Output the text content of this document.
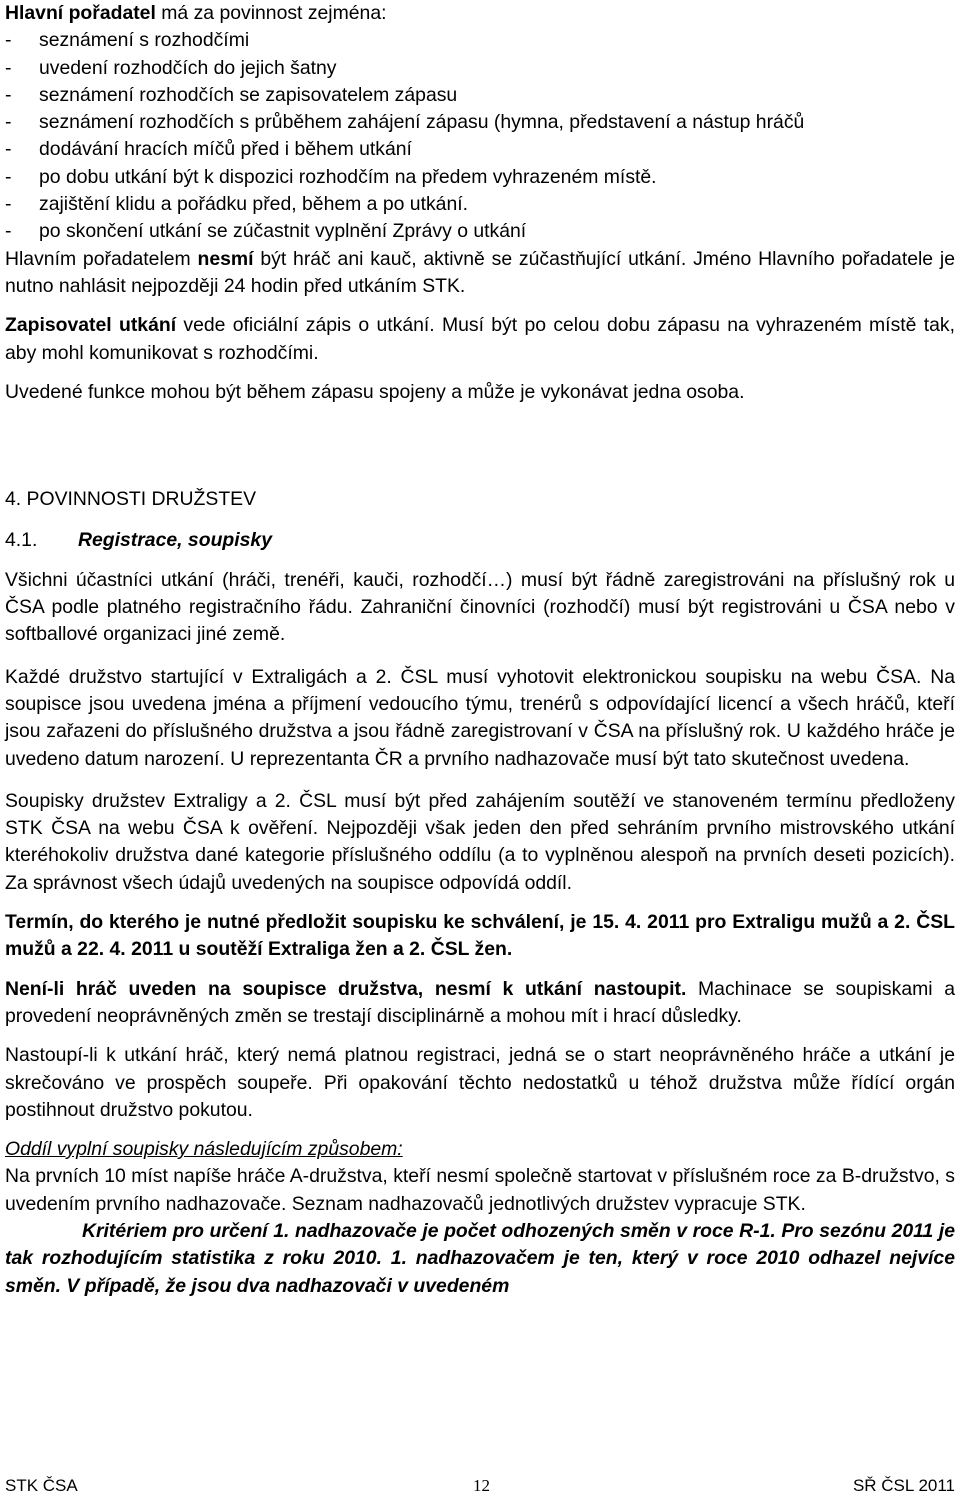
Hlavní pořadatel má za povinnost zejména:

- seznámení s rozhodčími

- uvedení rozhodčích do jejich šatny

- seznámení rozhodčích se zapisovatelem zápasu

- seznámení rozhodčích s průběhem zahájení zápasu (hymna, představení a nástup hráčů

- dodávání hracích míčů před i během utkání

- po dobu utkání být k dispozici rozhodčím na předem vyhrazeném místě.

- zajištění klidu a pořádku před, během a po utkání.

- po skončení utkání se zúčastnit vyplnění Zprávy o utkání

Hlavním pořadatelem nesmí být hráč ani kauč, aktivně se zúčastňující utkání. Jméno Hlavního pořadatele je nutno nahlásit nejpozději 24 hodin před utkáním STK.

Zapisovatel utkání vede oficiální zápis o utkání. Musí být po celou dobu zápasu na vyhrazeném místě tak, aby mohl komunikovat s rozhodčími.

Uvedené funkce mohou být během zápasu spojeny a může je vykonávat jedna osoba.

4. POVINNOSTI DRUŽSTEV

4.1. Registrace, soupisky

Všichni účastníci utkání (hráči, trenéři, kauči, rozhodčí…) musí být řádně zaregistrováni na příslušný rok u ČSA podle platného registračního řádu. Zahraniční činovníci (rozhodčí) musí být registrováni u ČSA nebo v softballové organizaci jiné země.

Každé družstvo startující v Extraligách a 2. ČSL musí vyhotovit elektronickou soupisku na webu ČSA. Na soupisce jsou uvedena jména a příjmení vedoucího týmu, trenérů s odpovídající licencí a všech hráčů, kteří jsou zařazeni do příslušného družstva a jsou řádně zaregistrovaní v ČSA na příslušný rok. U každého hráče je uvedeno datum narození. U reprezentanta ČR a prvního nadhazovače musí být tato skutečnost uvedena.

Soupisky družstev Extraligy a 2. ČSL musí být před zahájením soutěží ve stanoveném termínu předloženy STK ČSA na webu ČSA k ověření. Nejpozději však jeden den před sehráním prvního mistrovského utkání kteréhokoliv družstva dané kategorie příslušného oddílu (a to vyplněnou alespoň na prvních deseti pozicích). Za správnost všech údajů uvedených na soupisce odpovídá oddíl.

Termín, do kterého je nutné předložit soupisku ke schválení, je 15. 4. 2011 pro Extraligu mužů a 2. ČSL mužů a 22. 4. 2011 u soutěží Extraliga žen a 2. ČSL žen.

Není-li hráč uveden na soupisce družstva, nesmí k utkání nastoupit. Machinace se soupiskami a provedení neoprávněných změn se trestají disciplinárně a mohou mít i hrací důsledky.

Nastoupí-li k utkání hráč, který nemá platnou registraci, jedná se o start neoprávněného hráče a utkání je skrečováno ve prospěch soupeře. Při opakování těchto nedostatků u téhož družstva může řídící orgán postihnout družstvo pokutou.

Oddíl vyplní soupisky následujícím způsobem:

Na prvních 10 míst napíše hráče A-družstva, kteří nesmí společně startovat v příslušném roce za B-družstvo, s uvedením prvního nadhazovače. Seznam nadhazovačů jednotlivých družstev vypracuje STK.

Kritériem pro určení 1. nadhazovače je počet odhozených směn v roce R-1. Pro sezónu 2011 je tak rozhodujícím statistika z roku 2010. 1. nadhazovačem je ten, který v roce 2010 odhazel nejvíce směn. V případě, že jsou dva nadhazovači v uvedeném

STK ČSA	12	SŘ ČSL 2011
